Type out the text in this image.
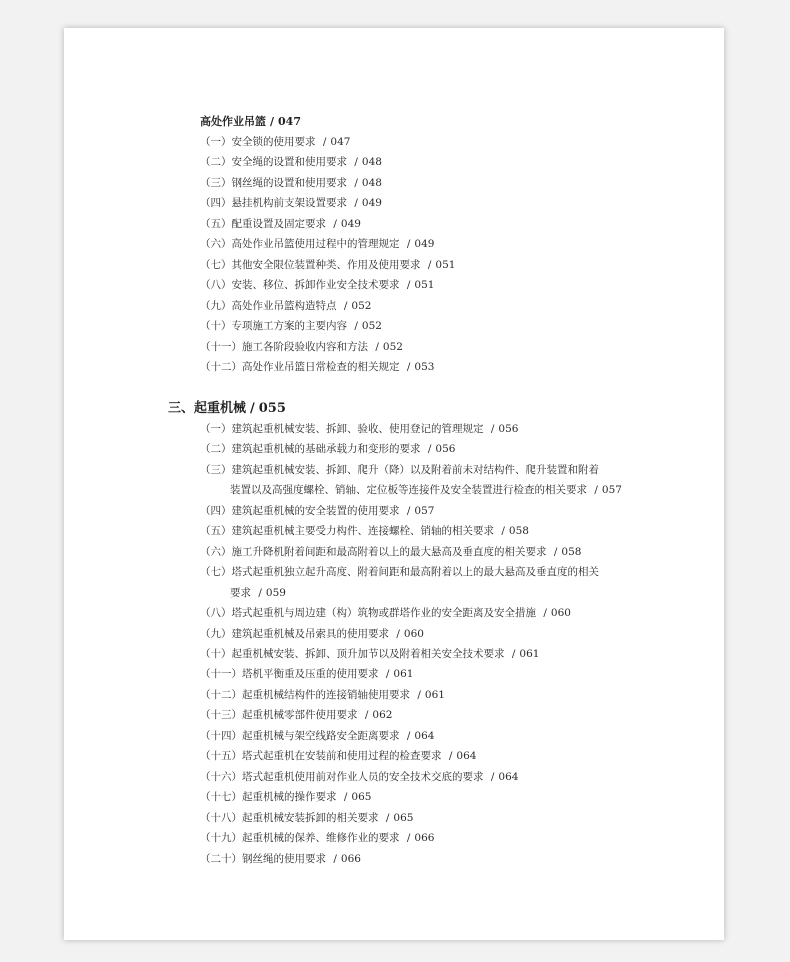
高处作业吊篮 / 047
（一）安全锁的使用要求 / 047
（二）安全绳的设置和使用要求 / 048
（三）钢丝绳的设置和使用要求 / 048
（四）悬挂机构前支架设置要求 / 049
（五）配重设置及固定要求 / 049
（六）高处作业吊篮使用过程中的管理规定 / 049
（七）其他安全限位装置种类、作用及使用要求 / 051
（八）安装、移位、拆卸作业安全技术要求 / 051
（九）高处作业吊篮构造特点 / 052
（十）专项施工方案的主要内容 / 052
（十一）施工各阶段验收内容和方法 / 052
（十二）高处作业吊篮日常检查的相关规定 / 053
三、起重机械 / 055
（一）建筑起重机械安装、拆卸、验收、使用登记的管理规定 / 056
（二）建筑起重机械的基础承载力和变形的要求 / 056
（三）建筑起重机械安装、拆卸、爬升（降）以及附着前未对结构件、爬升装置和附着
装置以及高强度螺栓、销轴、定位板等连接件及安全装置进行检查的相关要求 / 057
（四）建筑起重机械的安全装置的使用要求 / 057
（五）建筑起重机械主要受力构件、连接螺栓、销轴的相关要求 / 058
（六）施工升降机附着间距和最高附着以上的最大悬高及垂直度的相关要求 / 058
（七）塔式起重机独立起升高度、附着间距和最高附着以上的最大悬高及垂直度的相关
要求 / 059
（八）塔式起重机与周边建（构）筑物或群塔作业的安全距离及安全措施 / 060
（九）建筑起重机械及吊索具的使用要求 / 060
（十）起重机械安装、拆卸、顶升加节以及附着相关安全技术要求 / 061
（十一）塔机平衡重及压重的使用要求 / 061
（十二）起重机械结构件的连接销轴使用要求 / 061
（十三）起重机械零部件使用要求 / 062
（十四）起重机械与架空线路安全距离要求 / 064
（十五）塔式起重机在安装前和使用过程的检查要求 / 064
（十六）塔式起重机使用前对作业人员的安全技术交底的要求 / 064
（十七）起重机械的操作要求 / 065
（十八）起重机械安装拆卸的相关要求 / 065
（十九）起重机械的保养、维修作业的要求 / 066
（二十）钢丝绳的使用要求 / 066
